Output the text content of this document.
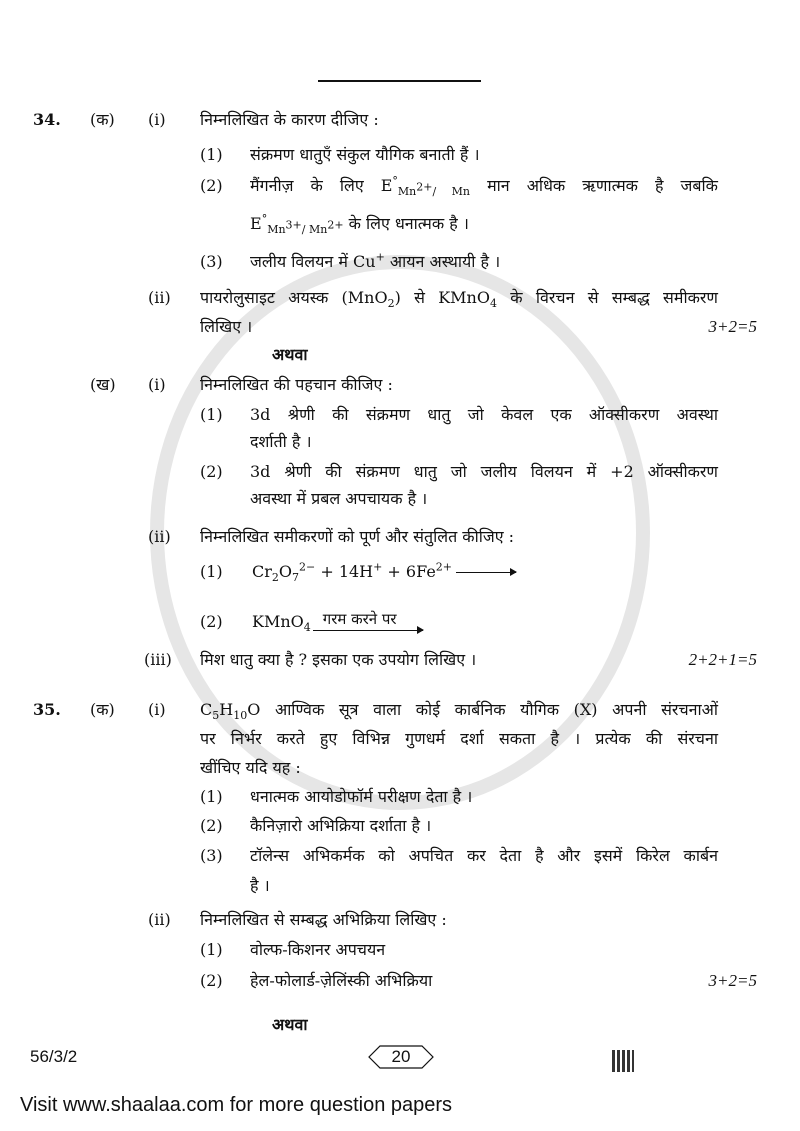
34. (क) (i) निम्नलिखित के कारण दीजिए :
(1) संक्रमण धातुएँ संकुल यौगिक बनाती हैं ।
(2) मैंगनीज़ के लिए $E^\circ_{Mn^{2+}/ Mn}$ मान अधिक ऋणात्मक है जबकि
$E^\circ_{Mn^{3+}/ Mn^{2+}}$ के लिए धनात्मक है ।
(3) जलीय विलयन में Cu+ आयन अस्थायी है ।
(ii) पायरोलुसाइट अयस्क (MnO$_2$) से KMnO$_4$ के विरचन से सम्बद्ध समीकरण
लिखिए ।	3+2=5
अथवा
(ख) (i) निम्नलिखित की पहचान कीजिए :
(1) 3d श्रेणी की संक्रमण धातु जो केवल एक ऑक्सीकरण अवस्था
दर्शाती है ।
(2) 3d श्रेणी की संक्रमण धातु जो जलीय विलयन में +2 ऑक्सीकरण
अवस्था में प्रबल अपचायक है ।
(ii) निम्नलिखित समीकरणों को पूर्ण और संतुलित कीजिए :
(1) $Cr_2O_7^{2-} + 14H^+ + 6Fe^{2+}$ →
(2) KMnO$_4$ गरम करने पर
(iii) मिश धातु क्या है ? इसका एक उपयोग लिखिए ।	2+2+1=5
35. (क) (i) $C_5H_{10}O$ आण्विक सूत्र वाला कोई कार्बनिक यौगिक (X) अपनी संरचनाओं
पर निर्भर करते हुए विभिन्न गुणधर्म दर्शा सकता है । प्रत्येक की संरचना
खींचिए यदि यह :
(1) धनात्मक आयोडोफॉर्म परीक्षण देता है ।
(2) कैनिज़ारो अभिक्रिया दर्शाता है ।
(3) टॉलेन्स अभिकर्मक को अपचित कर देता है और इसमें किरेल कार्बन
है ।
(ii) निम्नलिखित से सम्बद्ध अभिक्रिया लिखिए :
(1) वोल्फ-किशनर अपचयन
(2) हेल-फोलार्ड-ज़ेलिंस्की अभिक्रिया	3+2=5
अथवा
56/3/2	20
Visit www.shaalaa.com for more question papers
